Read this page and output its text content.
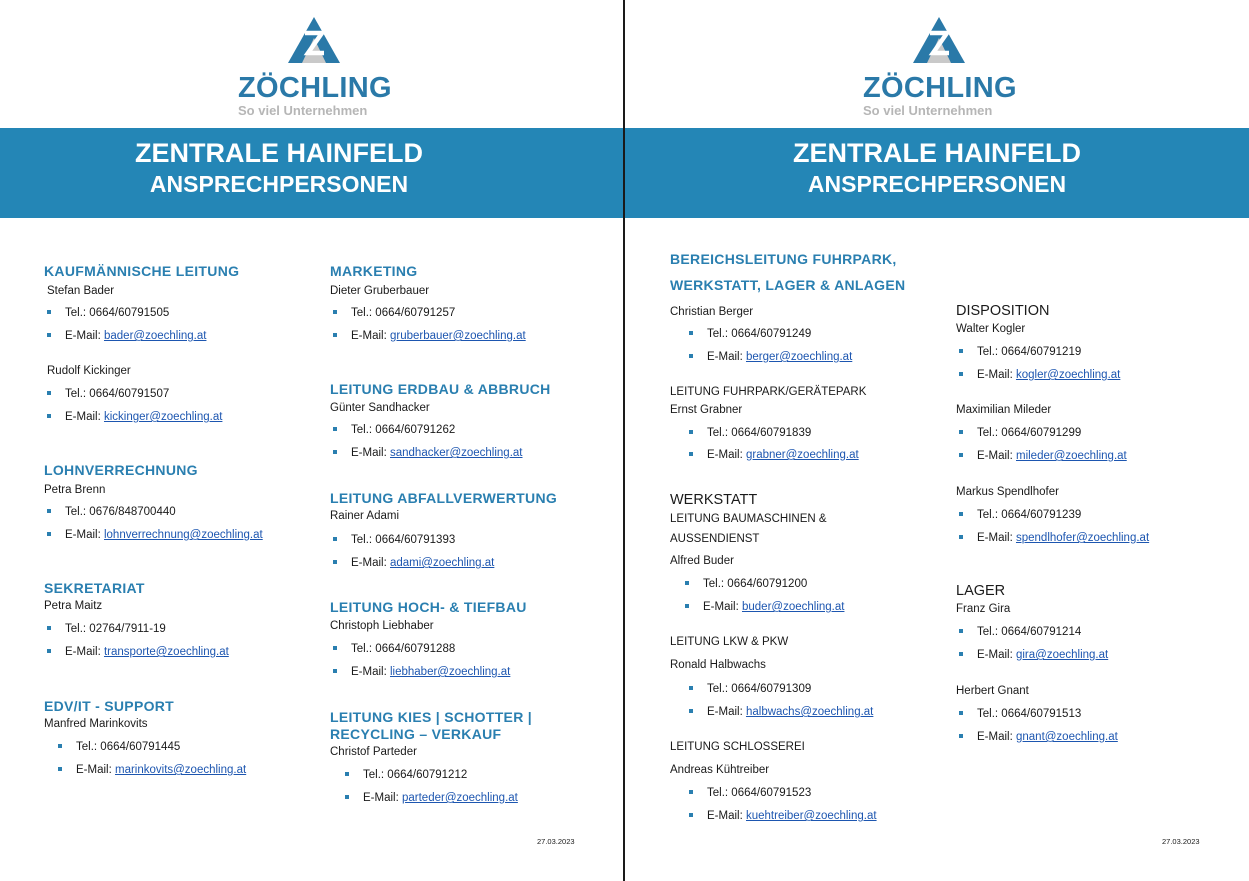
ZÖCHLING
So viel Unternehmen
ZENTRALE HAINFELD
ANSPRECHPERSONEN
KAUFMÄNNISCHE LEITUNG
Stefan Bader
Tel.: 0664/60791505
E-Mail: bader@zoechling.at
Rudolf Kickinger
Tel.: 0664/60791507
E-Mail: kickinger@zoechling.at
LOHNVERRECHNUNG
Petra Brenn
Tel.: 0676/848700440
E-Mail: lohnverrechnung@zoechling.at
SEKRETARIAT
Petra Maitz
Tel.: 02764/7911-19
E-Mail: transporte@zoechling.at
EDV/IT - SUPPORT
Manfred Marinkovits
Tel.: 0664/60791445
E-Mail: marinkovits@zoechling.at
MARKETING
Dieter Gruberbauer
Tel.: 0664/60791257
E-Mail: gruberbauer@zoechling.at
LEITUNG ERDBAU & ABBRUCH
Günter Sandhacker
Tel.: 0664/60791262
E-Mail: sandhacker@zoechling.at
LEITUNG ABFALLVERWERTUNG
Rainer Adami
Tel.: 0664/60791393
E-Mail: adami@zoechling.at
LEITUNG HOCH- & TIEFBAU
Christoph Liebhaber
Tel.: 0664/60791288
E-Mail: liebhaber@zoechling.at
LEITUNG KIES | SCHOTTER |
RECYCLING – VERKAUF
Christof Parteder
Tel.: 0664/60791212
E-Mail: parteder@zoechling.at
27.03.2023
ZÖCHLING
So viel Unternehmen
ZENTRALE HAINFELD
ANSPRECHPERSONEN
BEREICHSLEITUNG FUHRPARK,
WERKSTATT, LAGER & ANLAGEN
Christian Berger
Tel.: 0664/60791249
E-Mail: berger@zoechling.at
LEITUNG FUHRPARK/GERÄTEPARK
Ernst Grabner
Tel.: 0664/60791839
E-Mail: grabner@zoechling.at
WERKSTATT
LEITUNG BAUMASCHINEN &
AUSSENDIENST
Alfred Buder
Tel.: 0664/60791200
E-Mail: buder@zoechling.at
LEITUNG LKW & PKW
Ronald Halbwachs
Tel.: 0664/60791309
E-Mail: halbwachs@zoechling.at
LEITUNG SCHLOSSEREI
Andreas Kühtreiber
Tel.: 0664/60791523
E-Mail: kuehtreiber@zoechling.at
DISPOSITION
Walter Kogler
Tel.: 0664/60791219
E-Mail: kogler@zoechling.at
Maximilian Mileder
Tel.: 0664/60791299
E-Mail: mileder@zoechling.at
Markus Spendlhofer
Tel.: 0664/60791239
E-Mail: spendlhofer@zoechling.at
LAGER
Franz Gira
Tel.: 0664/60791214
E-Mail: gira@zoechling.at
Herbert Gnant
Tel.: 0664/60791513
E-Mail: gnant@zoechling.at
27.03.2023
